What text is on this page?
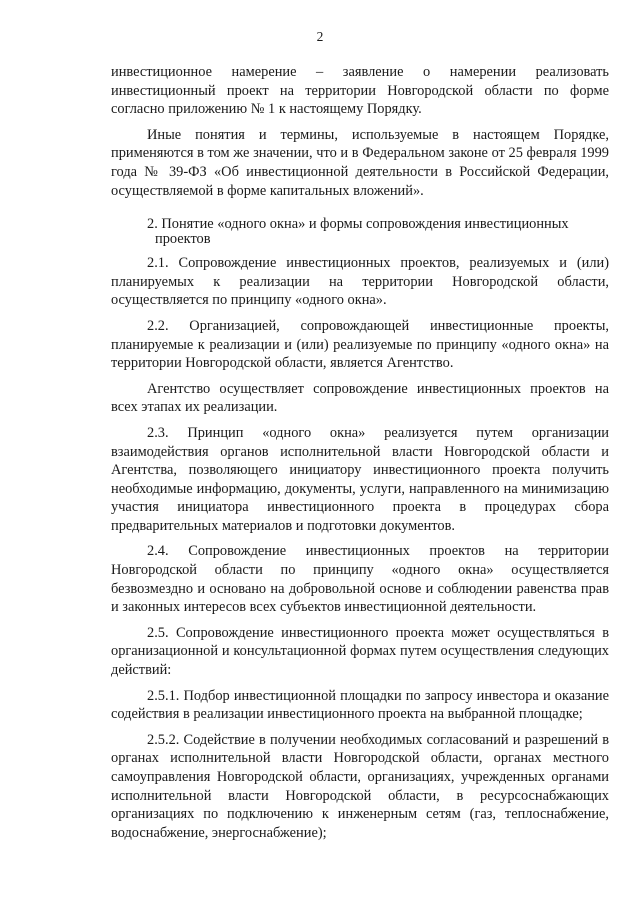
2

инвестиционное намерение – заявление о намерении реализовать инвестиционный проект на территории Новгородской области по форме согласно приложению № 1 к настоящему Порядку.

Иные понятия и термины, используемые в настоящем Порядке, применяются в том же значении, что и в Федеральном законе от 25 февраля 1999 года № 39-ФЗ «Об инвестиционной деятельности в Российской Федерации, осуществляемой в форме капитальных вложений».

2. Понятие «одного окна» и формы сопровождения инвестиционных
проектов

2.1. Сопровождение инвестиционных проектов, реализуемых и (или) планируемых к реализации на территории Новгородской области, осуществляется по принципу «одного окна».

2.2. Организацией, сопровождающей инвестиционные проекты, планируемые к реализации и (или) реализуемые по принципу «одного окна» на территории Новгородской области, является Агентство.

Агентство осуществляет сопровождение инвестиционных проектов на всех этапах их реализации.

2.3. Принцип «одного окна» реализуется путем организации взаимодействия органов исполнительной власти Новгородской области и Агентства, позволяющего инициатору инвестиционного проекта получить необходимые информацию, документы, услуги, направленного на минимизацию участия инициатора инвестиционного проекта в процедурах сбора предварительных материалов и подготовки документов.

2.4. Сопровождение инвестиционных проектов на территории Новгородской области по принципу «одного окна» осуществляется безвозмездно и основано на добровольной основе и соблюдении равенства прав и законных интересов всех субъектов инвестиционной деятельности.

2.5. Сопровождение инвестиционного проекта может осуществляться в организационной и консультационной формах путем осуществления следующих действий:

2.5.1. Подбор инвестиционной площадки по запросу инвестора и оказание содействия в реализации инвестиционного проекта на выбранной площадке;

2.5.2. Содействие в получении необходимых согласований и разрешений в органах исполнительной власти Новгородской области, органах местного самоуправления Новгородской области, организациях, учрежденных органами исполнительной власти Новгородской области, в ресурсоснабжающих организациях по подключению к инженерным сетям (газ, теплоснабжение, водоснабжение, энергоснабжение);
